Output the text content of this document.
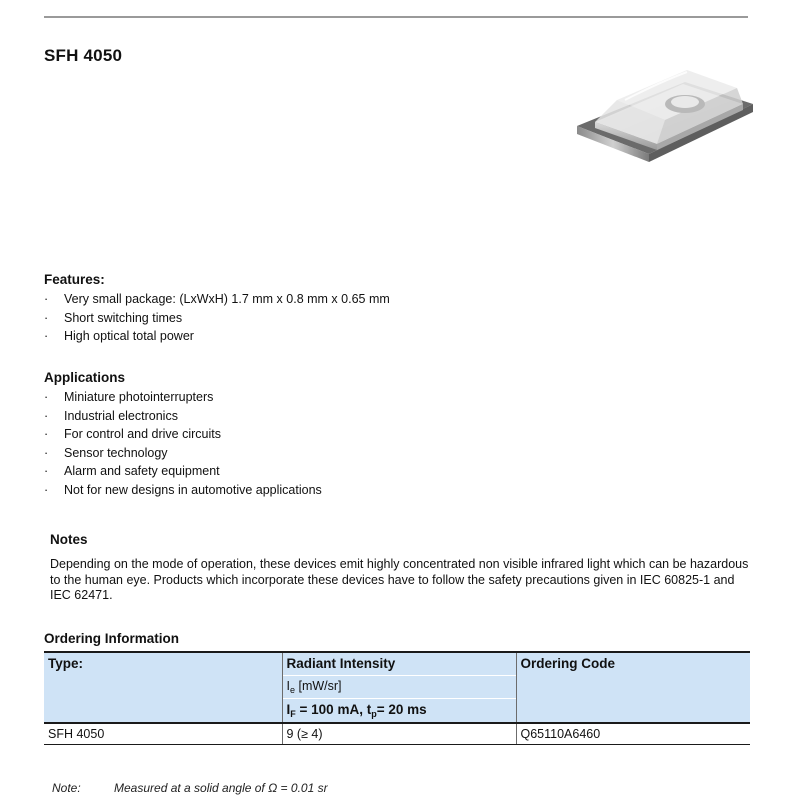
SFH 4050
Features:
·	Very small package: (LxWxH) 1.7 mm x 0.8 mm x 0.65 mm
·	Short switching times
·	High optical total power
Applications
·	Miniature photointerrupters
·	Industrial electronics
·	For control and drive circuits
·	Sensor technology
·	Alarm and safety equipment
·	Not for new designs in automotive applications
Notes
Depending on the mode of operation, these devices emit highly concentrated non visible infrared light which can be hazardous to the human eye. Products which incorporate these devices have to follow the safety precautions given in IEC 60825-1 and IEC 62471.
Ordering Information
Type:	Radiant Intensity	Ordering Code
	$I_e$ [mW/sr]	
	$I_F = 100$ mA, $t_p= 20$ ms	
SFH 4050	9 (≥ 4)	Q65110A6460
Note:	Measured at a solid angle of Ω = 0.01 sr
